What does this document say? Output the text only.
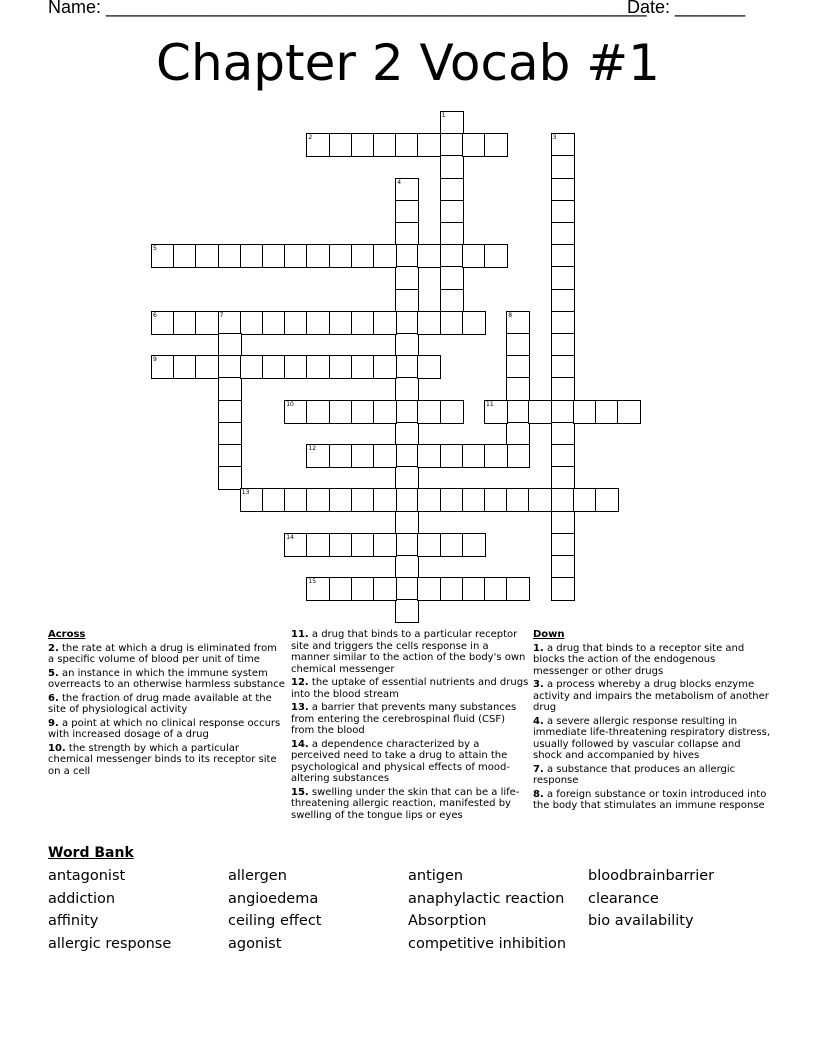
Name: ______________________________________________________
Date: _______
Chapter 2 Vocab #1
1
2	3
4
5
6	7	8
9
10	11
12
13
14
15
Across
2. the rate at which a drug is eliminated from a specific volume of blood per unit of time
5. an instance in which the immune system overreacts to an otherwise harmless substance
6. the fraction of drug made available at the site of physiological activity
9. a point at which no clinical response occurs with increased dosage of a drug
10. the strength by which a particular chemical messenger binds to its receptor site on a cell
11. a drug that binds to a particular receptor site and triggers the cells response in a manner similar to the action of the body's own chemical messenger
12. the uptake of essential nutrients and drugs into the blood stream
13. a barrier that prevents many substances from entering the cerebrospinal fluid (CSF) from the blood
14. a dependence characterized by a perceived need to take a drug to attain the psychological and physical effects of mood-altering substances
15. swelling under the skin that can be a life-threatening allergic reaction, manifested by swelling of the tongue lips or eyes
Down
1. a drug that binds to a receptor site and blocks the action of the endogenous messenger or other drugs
3. a process whereby a drug blocks enzyme activity and impairs the metabolism of another drug
4. a severe allergic response resulting in immediate life-threatening respiratory distress, usually followed by vascular collapse and shock and accompanied by hives
7. a substance that produces an allergic response
8. a foreign substance or toxin introduced into the body that stimulates an immune response
Word Bank
antagonist
addiction
affinity
allergic response
allergen
angioedema
ceiling effect
agonist
antigen
anaphylactic reaction
Absorption
competitive inhibition
bloodbrainbarrier
clearance
bio availability
